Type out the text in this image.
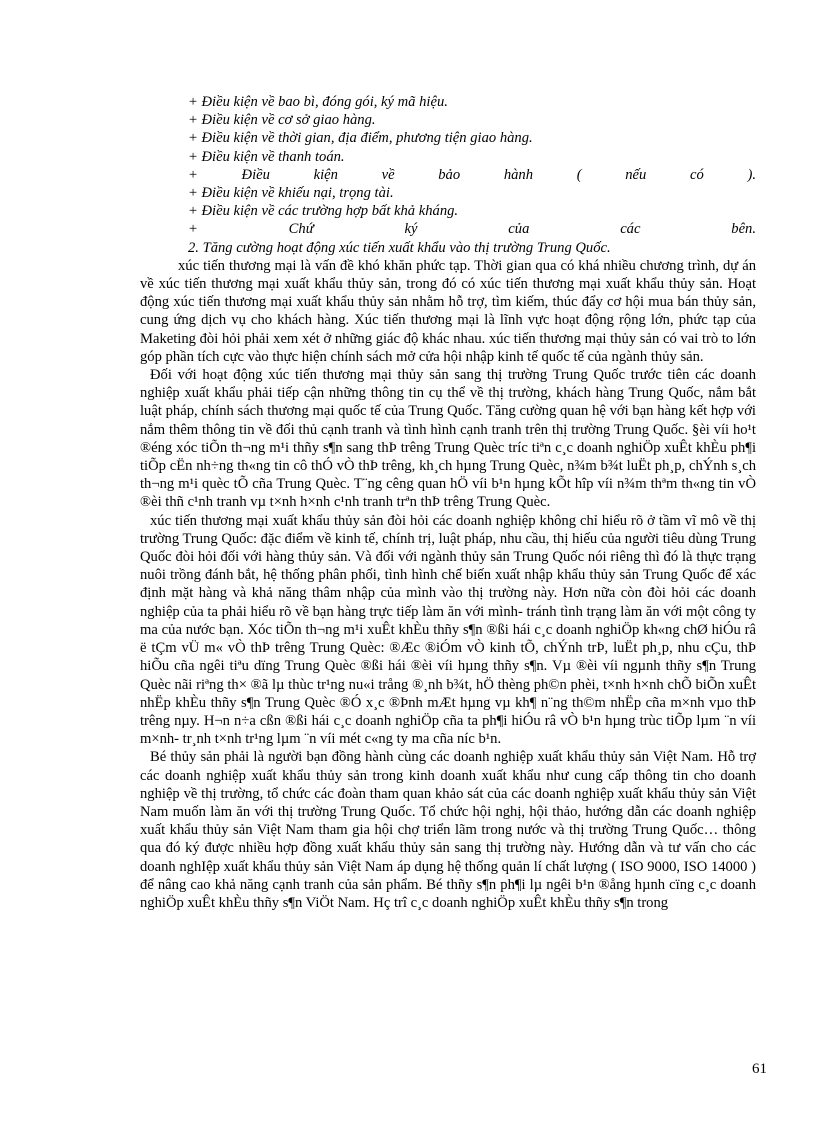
+ Điều kiện về bao bì, đóng gói, ký mã hiệu.

+ Điều kiện về cơ sở giao hàng.

+ Điều kiện về thời gian, địa điểm, phương tiện giao hàng.

+ Điều kiện về thanh toán.

+ Điều kiện về bảo hành ( nếu có ).

+ Điều kiện về khiếu nại, trọng tài.

+ Điều kiện về các trường hợp bất khả kháng.

+ Chứ ký của các bên.

2. Tăng cường hoạt động xúc tiến xuất khẩu vào thị trường Trung Quốc.

xúc tiến thương mại là vấn đề khó khăn phức tạp. Thời gian qua có khá nhiều chương trình, dự án về xúc tiến thương mại xuất khẩu thủy sản, trong đó có xúc tiến thương mại xuất khẩu thủy sản. Hoạt động xúc tiến thương mại xuất khẩu thủy sản nhằm hỗ trợ, tìm kiếm, thúc đẩy cơ hội mua bán thủy sản, cung ứng dịch vụ cho khách hàng. Xúc tiến thương mại là lĩnh vực hoạt động rộng lớn, phức tạp của Maketing đòi hỏi phải xem xét ở những giác độ khác nhau. xúc tiến thương mại thủy sản có vai trò to lớn góp phần tích cực vào thực hiện chính sách mở cửa hội nhập kinh tế quốc tế của ngành thủy sản.

Đối với hoạt động xúc tiến thương mại thủy sản sang thị trường Trung Quốc trước tiên các doanh nghiệp xuất khẩu phải tiếp cận những thông tin cụ thể về thị trường, khách hàng Trung Quốc, nắm bắt luật pháp, chính sách thương mại quốc tế của Trung Quốc. Tăng cường quan hệ với bạn hàng kết hợp với nắm thêm thông tin về đối thủ cạnh tranh và tình hình cạnh tranh trên thị trường Trung Quốc. §èi víi ho¹t ®éng xóc tiÕn th¬ng m¹i thñy s¶n sang thÞ trêng Trung Quèc tríc tiªn c¸c doanh nghiÖp xuÊt khÈu ph¶i tiÕp cËn nh÷ng th«ng tin cô thÓ vÒ thÞ trêng, kh¸ch hµng Trung Quèc, n¾m b¾t luËt ph¸p, chÝnh s¸ch th¬ng m¹i quèc tÕ cña Trung Quèc. T¨ng cêng quan hÖ víi b¹n hµng kÕt hîp víi n¾m thªm th«ng tin vÒ ®èi thñ c¹nh tranh vµ t×nh h×nh c¹nh tranh trªn thÞ trêng Trung Quèc.

xúc tiến thương mại xuất khẩu thủy sản đòi hỏi các doanh nghiệp không chỉ hiểu rõ ở tầm vĩ mô về thị trường Trung Quốc: đặc điểm về kinh tế, chính trị, luật pháp, nhu cầu, thị hiếu của người tiêu dùng Trung Quốc đòi hỏi đối với hàng thủy sản. Và đối với ngành thủy sản Trung Quốc nói riêng thì đó là thực trạng nuôi trồng đánh bắt, hệ thống phân phối, tình hình chế biến xuất nhập khẩu thủy sản Trung Quốc để xác định mặt hàng và khả năng thâm nhập của mình vào thị trường này. Hơn nữa còn đòi hỏi các doanh nghiệp của ta phải hiểu rõ về bạn hàng trực tiếp làm ăn với mình- tránh tình trạng làm ăn với một công ty ma của nước bạn. Xóc tiÕn th¬ng m¹i xuÊt khÈu thñy s¶n ®ßi hái c¸c doanh nghiÖp kh«ng chØ hiÓu râ ë tÇm vÜ m« vÒ thÞ trêng Trung Quèc: ®Æc ®iÓm vÒ kinh tÕ, chÝnh trÞ, luËt ph¸p, nhu cÇu, thÞ hiÕu cña ngêi tiªu dïng Trung Quèc ®ßi hái ®èi víi hµng thñy s¶n. Vµ ®èi víi ngµnh thñy s¶n Trung Quèc nãi riªng th× ®ã lµ thùc tr¹ng nu«i trång ®¸nh b¾t, hÖ thèng ph©n phèi, t×nh h×nh chÕ biÕn xuÊt nhËp khÈu thñy s¶n Trung Quèc ®Ó x¸c ®Þnh mÆt hµng vµ kh¶ n¨ng th©m nhËp cña m×nh vµo thÞ trêng nµy. H¬n n÷a cßn ®ßi hái c¸c doanh nghiÖp cña ta ph¶i hiÓu râ vÒ b¹n hµng trùc tiÕp lµm ¨n víi m×nh- tr¸nh t×nh tr¹ng lµm ¨n víi mét c«ng ty ma cña níc b¹n.

Bé thủy sản phải là người bạn đồng hành cùng các doanh nghiệp xuất khẩu thủy sản Việt Nam. Hỗ trợ các doanh nghiệp xuất khẩu thủy sản trong kinh doanh xuất khẩu như cung cấp thông tin cho doanh nghiệp về thị trường, tổ chức các đoàn tham quan khảo sát của các doanh nghiệp xuất khẩu thủy sản Việt Nam muốn làm ăn với thị trường Trung Quốc. Tổ chức hội nghị, hội thảo, hướng dẫn các doanh nghiệp xuất khẩu thủy sản Việt Nam tham gia hội chợ triển lãm trong nước và thị trường Trung Quốc… thông qua đó ký được nhiều hợp đồng xuất khẩu thủy sản sang thị trường này. Hướng dẫn và tư vấn cho các doanh nghIệp xuất khẩu thủy sản Việt Nam áp dụng hệ thống quản lí chất lượng ( ISO 9000, ISO 14000 ) để nâng cao khả năng cạnh tranh của sản phẩm. Bé thñy s¶n ph¶i lµ ngêi b¹n ®ång hµnh cïng c¸c doanh nghiÖp xuÊt khÈu thñy s¶n ViÖt Nam. Hç trî c¸c doanh nghiÖp xuÊt khÈu thñy s¶n trong

61
